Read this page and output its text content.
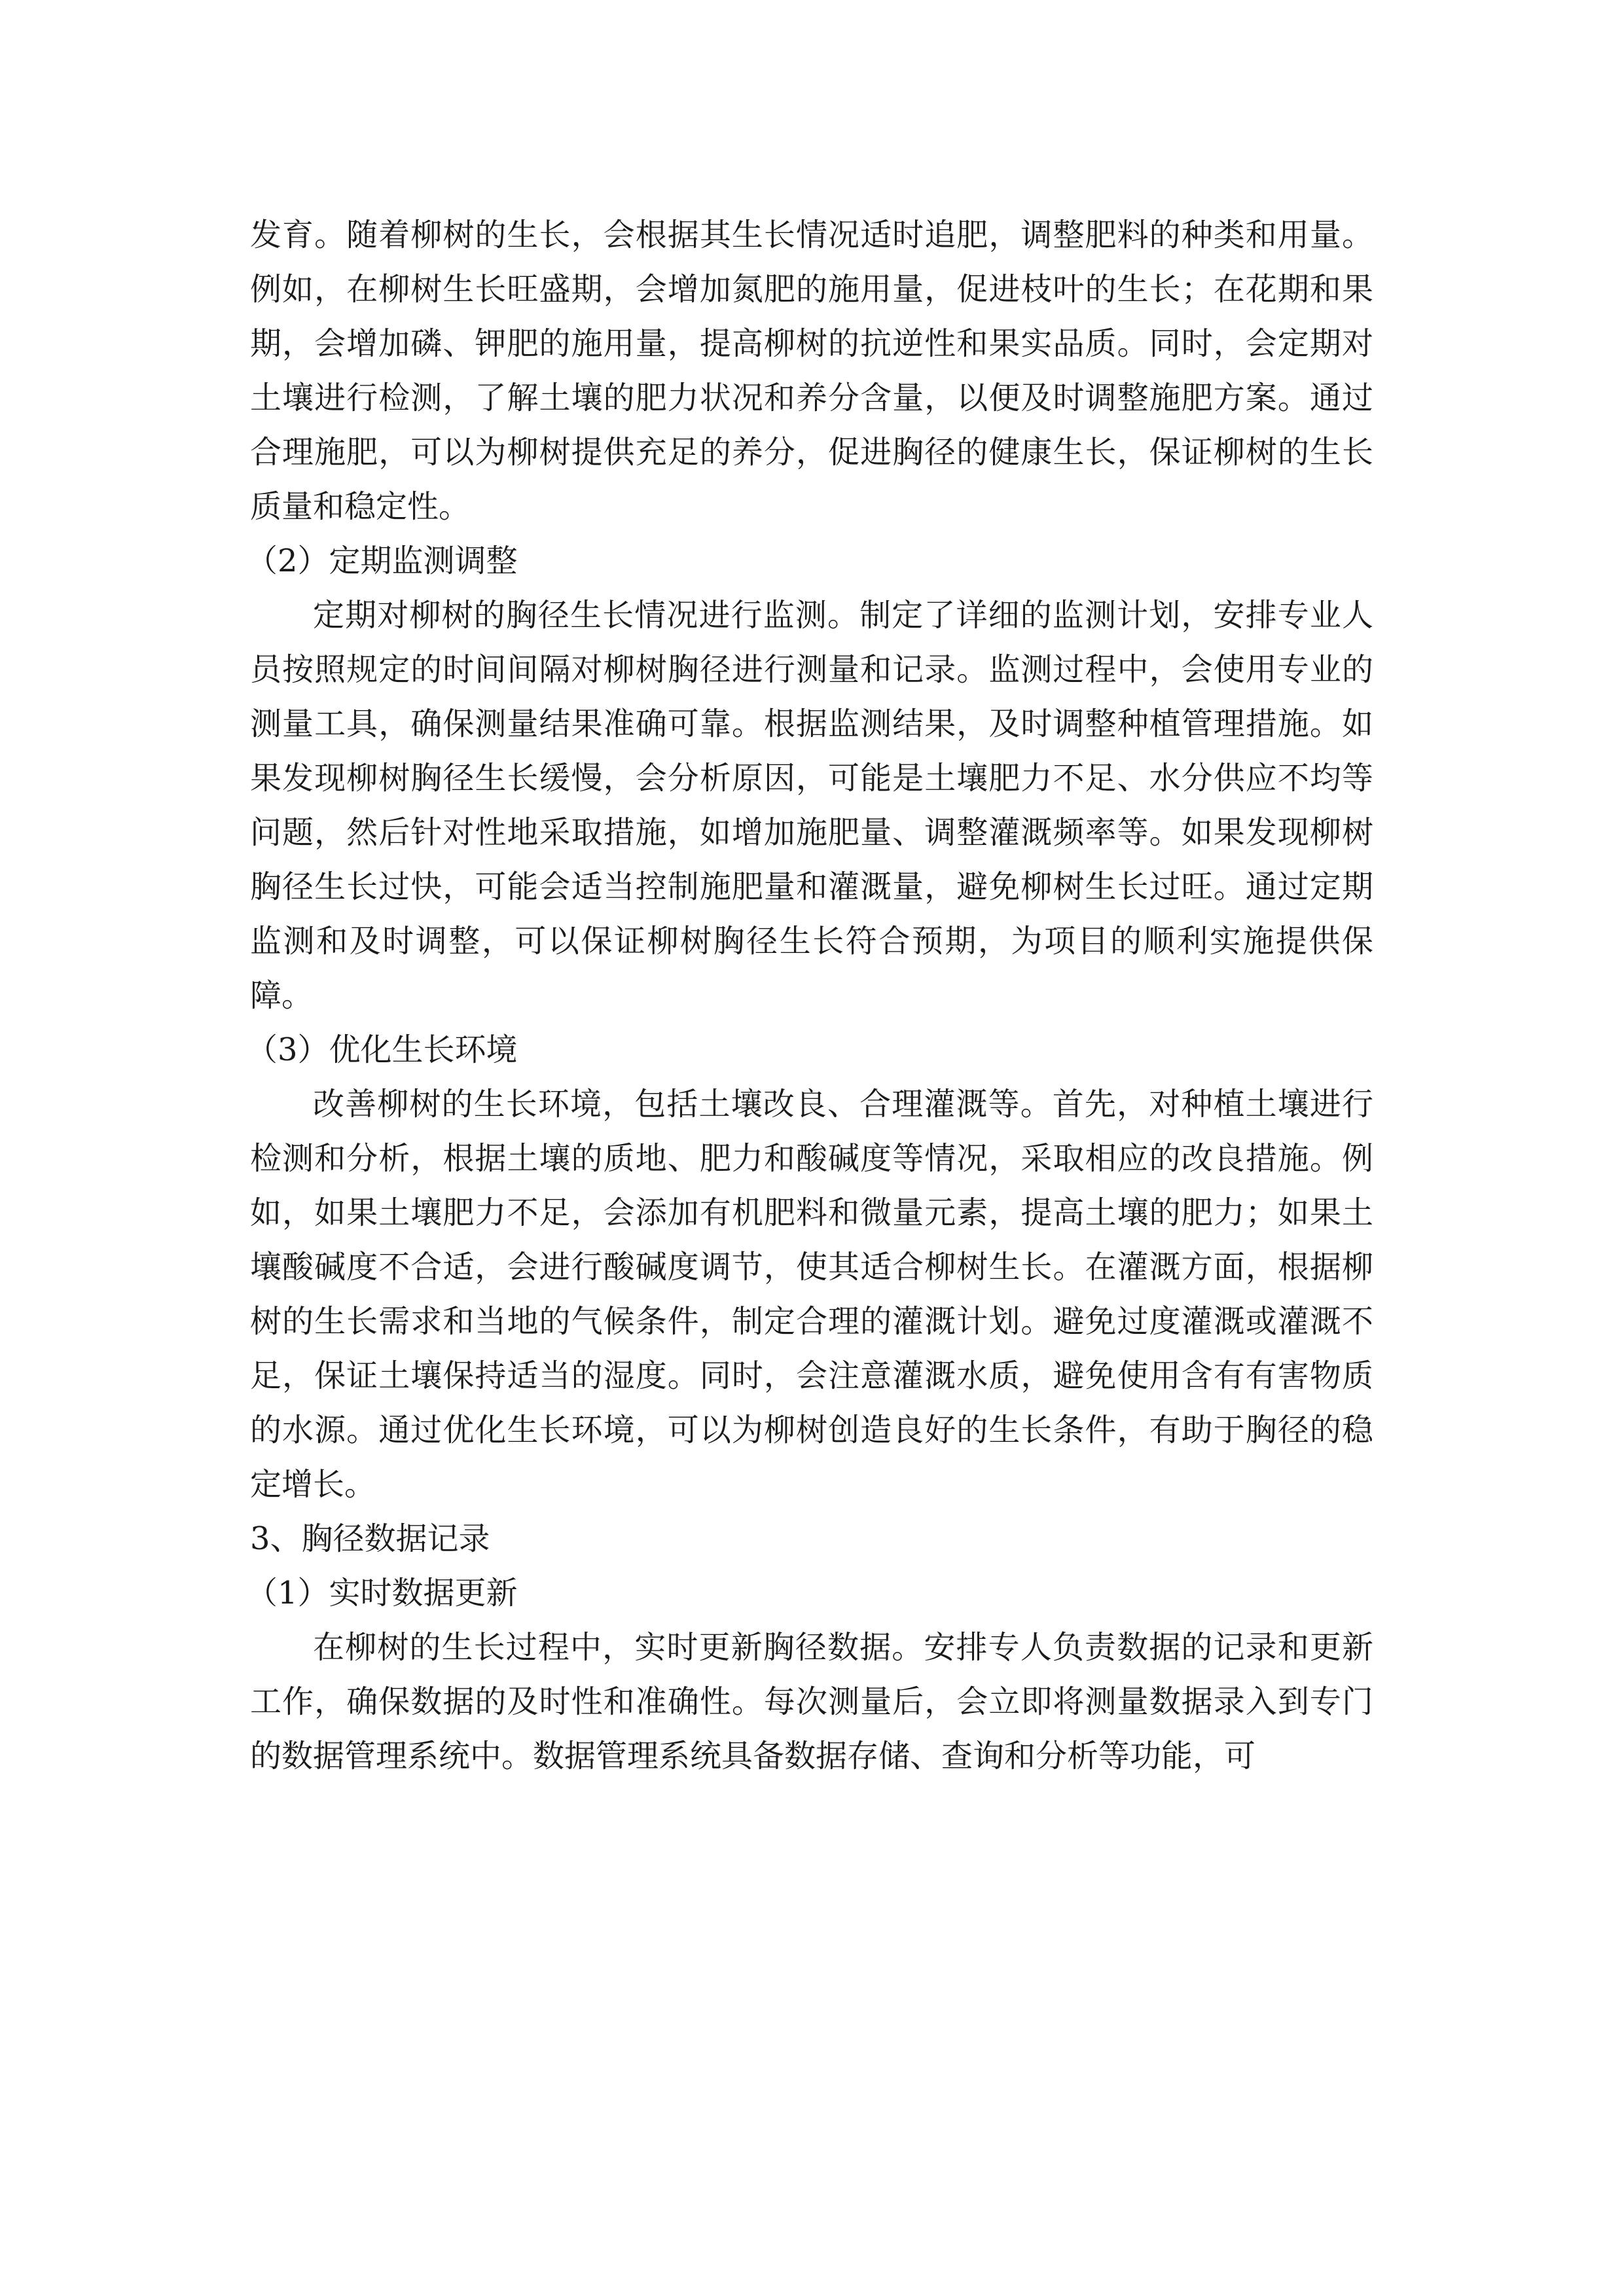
发育。随着柳树的生长，会根据其生长情况适时追肥，调整肥料的种类和用量。例如，在柳树生长旺盛期，会增加氮肥的施用量，促进枝叶的生长；在花期和果期，会增加磷、钾肥的施用量，提高柳树的抗逆性和果实品质。同时，会定期对土壤进行检测，了解土壤的肥力状况和养分含量，以便及时调整施肥方案。通过合理施肥，可以为柳树提供充足的养分，促进胸径的健康生长，保证柳树的生长质量和稳定性。

（2）定期监测调整

定期对柳树的胸径生长情况进行监测。制定了详细的监测计划，安排专业人员按照规定的时间间隔对柳树胸径进行测量和记录。监测过程中，会使用专业的测量工具，确保测量结果准确可靠。根据监测结果，及时调整种植管理措施。如果发现柳树胸径生长缓慢，会分析原因，可能是土壤肥力不足、水分供应不均等问题，然后针对性地采取措施，如增加施肥量、调整灌溉频率等。如果发现柳树胸径生长过快，可能会适当控制施肥量和灌溉量，避免柳树生长过旺。通过定期监测和及时调整，可以保证柳树胸径生长符合预期，为项目的顺利实施提供保障。

（3）优化生长环境

改善柳树的生长环境，包括土壤改良、合理灌溉等。首先，对种植土壤进行检测和分析，根据土壤的质地、肥力和酸碱度等情况，采取相应的改良措施。例如，如果土壤肥力不足，会添加有机肥料和微量元素，提高土壤的肥力；如果土壤酸碱度不合适，会进行酸碱度调节，使其适合柳树生长。在灌溉方面，根据柳树的生长需求和当地的气候条件，制定合理的灌溉计划。避免过度灌溉或灌溉不足，保证土壤保持适当的湿度。同时，会注意灌溉水质，避免使用含有有害物质的水源。通过优化生长环境，可以为柳树创造良好的生长条件，有助于胸径的稳定增长。

3、胸径数据记录

（1）实时数据更新

在柳树的生长过程中，实时更新胸径数据。安排专人负责数据的记录和更新工作，确保数据的及时性和准确性。每次测量后，会立即将测量数据录入到专门的数据管理系统中。数据管理系统具备数据存储、查询和分析等功能，可
